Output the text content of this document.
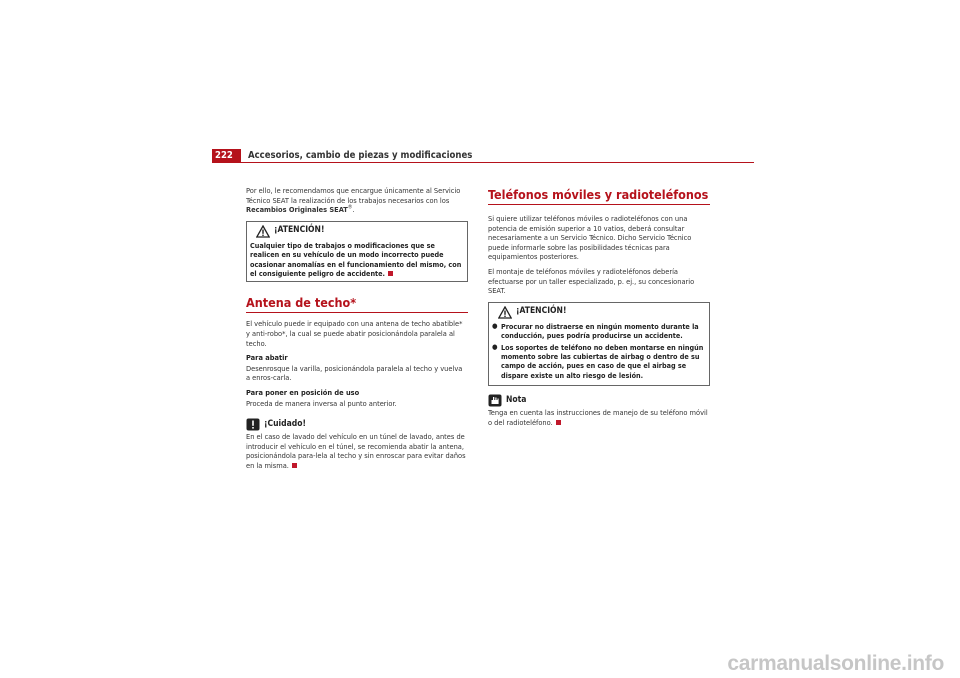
222	Accesorios, cambio de piezas y modificaciones

Por ello, le recomendamos que encargue únicamente al Servicio Técnico SEAT la realización de los trabajos necesarios con los Recambios Originales SEAT®.

¡ATENCIÓN!
Cualquier tipo de trabajos o modificaciones que se realicen en su vehículo de un modo incorrecto puede ocasionar anomalías en el funcionamiento del mismo, con el consiguiente peligro de accidente.
Antena de techo*

El vehículo puede ir equipado con una antena de techo abatible* y anti-robo*, la cual se puede abatir posicionándola paralela al techo.

Para abatir

Desenrosque la varilla, posicionándola paralela al techo y vuelva a enros-carla.

Para poner en posición de uso

Proceda de manera inversa al punto anterior.

¡Cuidado!

En el caso de lavado del vehículo en un túnel de lavado, antes de introducir el vehículo en el túnel, se recomienda abatir la antena, posicionándola para-lela al techo y sin enroscar para evitar daños en la misma.

Teléfonos móviles y radioteléfonos

Si quiere utilizar teléfonos móviles o radioteléfonos con una potencia de emisión superior a 10 vatios, deberá consultar necesariamente a un Servicio Técnico. Dicho Servicio Técnico puede informarle sobre las posibilidades técnicas para equipamientos posteriores.

El montaje de teléfonos móviles y radioteléfonos debería efectuarse por un taller especializado, p. ej., su concesionario SEAT.

¡ATENCIÓN!
● Procurar no distraerse en ningún momento durante la conducción, pues podría producirse un accidente.
● Los soportes de teléfono no deben montarse en ningún momento sobre las cubiertas de airbag o dentro de su campo de acción, pues en caso de que el airbag se dispare existe un alto riesgo de lesión.
Nota

Tenga en cuenta las instrucciones de manejo de su teléfono móvil o del radioteléfono.

carmanualsonline.info
